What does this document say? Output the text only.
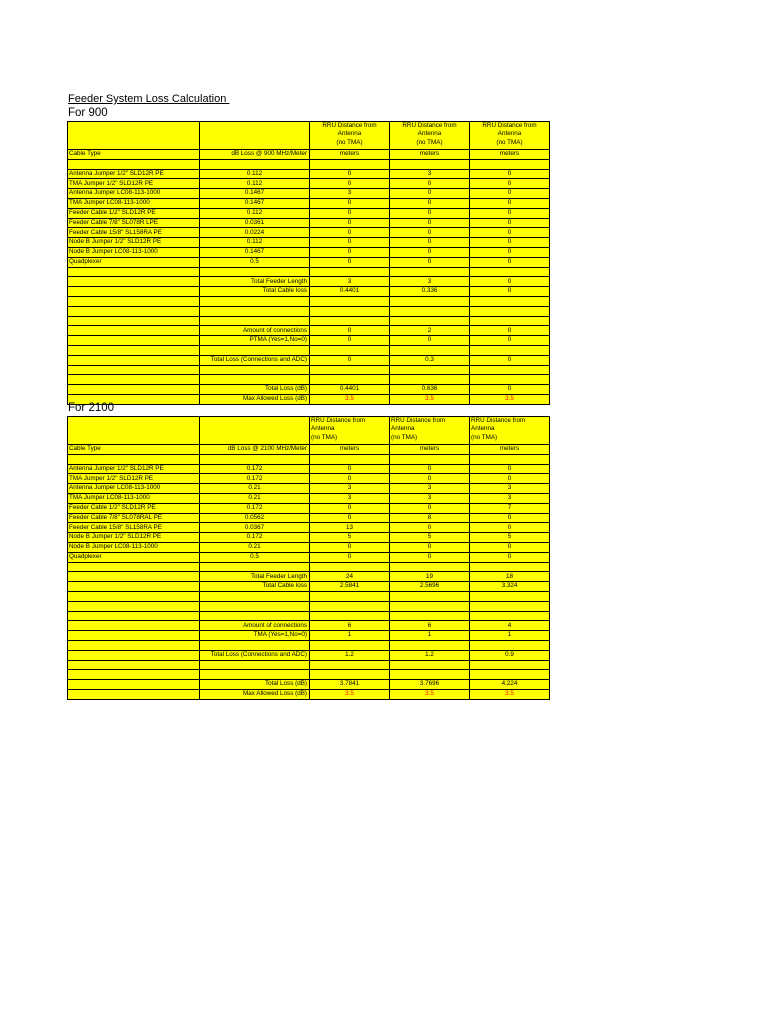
Feeder System Loss Calculation
For 900

		RRU Distance from
Antenna
(no TMA)	RRU Distance from
Antenna
(no TMA)	RRU Distance from
Antenna
(no TMA)

Cable Type	dB Loss @ 900 MHz/Meter	meters	meters	meters

Antenna Jumper 1/2" SLD12R PE	0.112	0	3	0
TMA Jumper 1/2" SLD12R PE	0.112	0	0	0
Antenna Jumper LC08-113-1000	0.1467	3	0	0
TMA Jumper LC08-113-1000	0.1467	0	0	0
Feeder Cable 1/2" SLD12R PE	0.112	0	0	0
Feeder Cable 7/8" SL078R LPE	0.0361	0	0	0
Feeder Cable 15/8" SL158RA PE	0.0224	0	0	0
Node B Jumper 1/2" SLD12R PE	0.112	0	0	0
Node B Jumper LC08-113-1000	0.1467	0	0	0
Quadplexer	0.5	0	0	0

	Total Feeder Length	3	3	0
	Total Cable loss	0.4401	0.336	0

	Amount of connections	0	2	0
	PTMA (Yes=1,No=0)	0	0	0

	Total Loss (Connections and ADC)	0	0.3	0

	Total Loss (dB)	0.4401	0.636	0
	Max Allowed Loss (dB)	3.5	3.5	3.5
For 2100

		RRU Distance from
Antenna
(no TMA)	RRU Distance from
Antenna
(no TMA)	RRU Distance from
Antenna
(no TMA)

Cable Type	dB Loss @ 2100 MHz/Meter	meters	meters	meters

Antenna Jumper 1/2" SLD12R PE	0.172	0	0	0
TMA Jumper 1/2" SLD12R PE	0.172	0	0	0
Antenna Jumper LC08-113-1000	0.21	3	3	3
TMA Jumper LC08-113-1000	0.21	3	3	3
Feeder Cable 1/2" SLD12R PE	0.172	0	0	7
Feeder Cable 7/8" SL078RAL PE	0.0562	0	8	0
Feeder Cable 15/8" SL158RA PE	0.0367	13	0	0
Node B Jumper 1/2" SLD12R PE	0.172	5	5	5
Node B Jumper LC08-113-1000	0.21	0	0	0
Quadplexer	0.5	0	0	0

	Total Feeder Length	24	19	18
	Total Cable loss	2.5841	2.5696	3.324

	Amount of connections	6	6	4
	TMA (Yes=1,No=0)	1	1	1

	Total Loss (Connections and ADC)	1.2	1.2	0.9

	Total Loss (dB)	3.7841	3.7696	4.224
	Max Allowed Loss (dB)	3.5	3.5	3.5
